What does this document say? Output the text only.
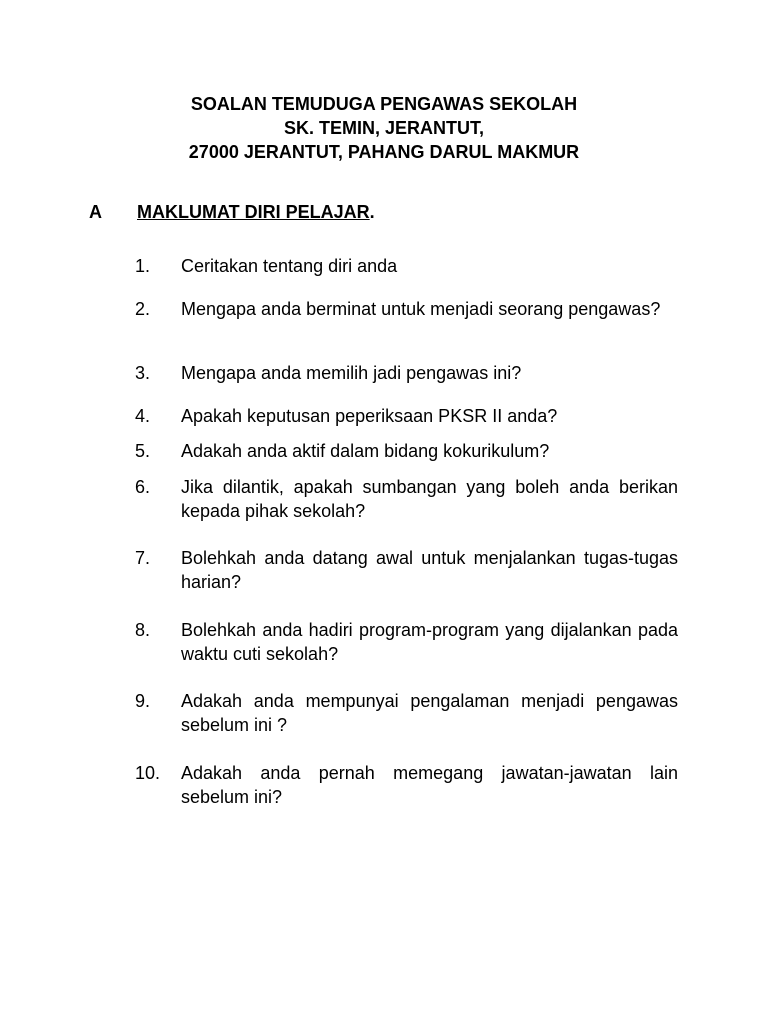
SOALAN TEMUDUGA PENGAWAS SEKOLAH
SK. TEMIN, JERANTUT,
27000 JERANTUT, PAHANG DARUL MAKMUR
A MAKLUMAT DIRI PELAJAR.
1.	Ceritakan tentang diri anda
2.	Mengapa anda berminat untuk menjadi seorang pengawas?
3.	Mengapa anda memilih jadi pengawas ini?
4.	Apakah keputusan peperiksaan PKSR II anda?
5.	Adakah anda aktif dalam bidang kokurikulum?
6.	Jika dilantik, apakah sumbangan yang boleh anda berikan kepada pihak sekolah?
7.	Bolehkah anda datang awal untuk menjalankan tugas-tugas harian?
8.	Bolehkah anda hadiri program-program yang dijalankan pada waktu cuti sekolah?
9.	Adakah anda mempunyai pengalaman menjadi pengawas sebelum ini ?
10.	Adakah anda pernah memegang jawatan-jawatan lain sebelum ini?
